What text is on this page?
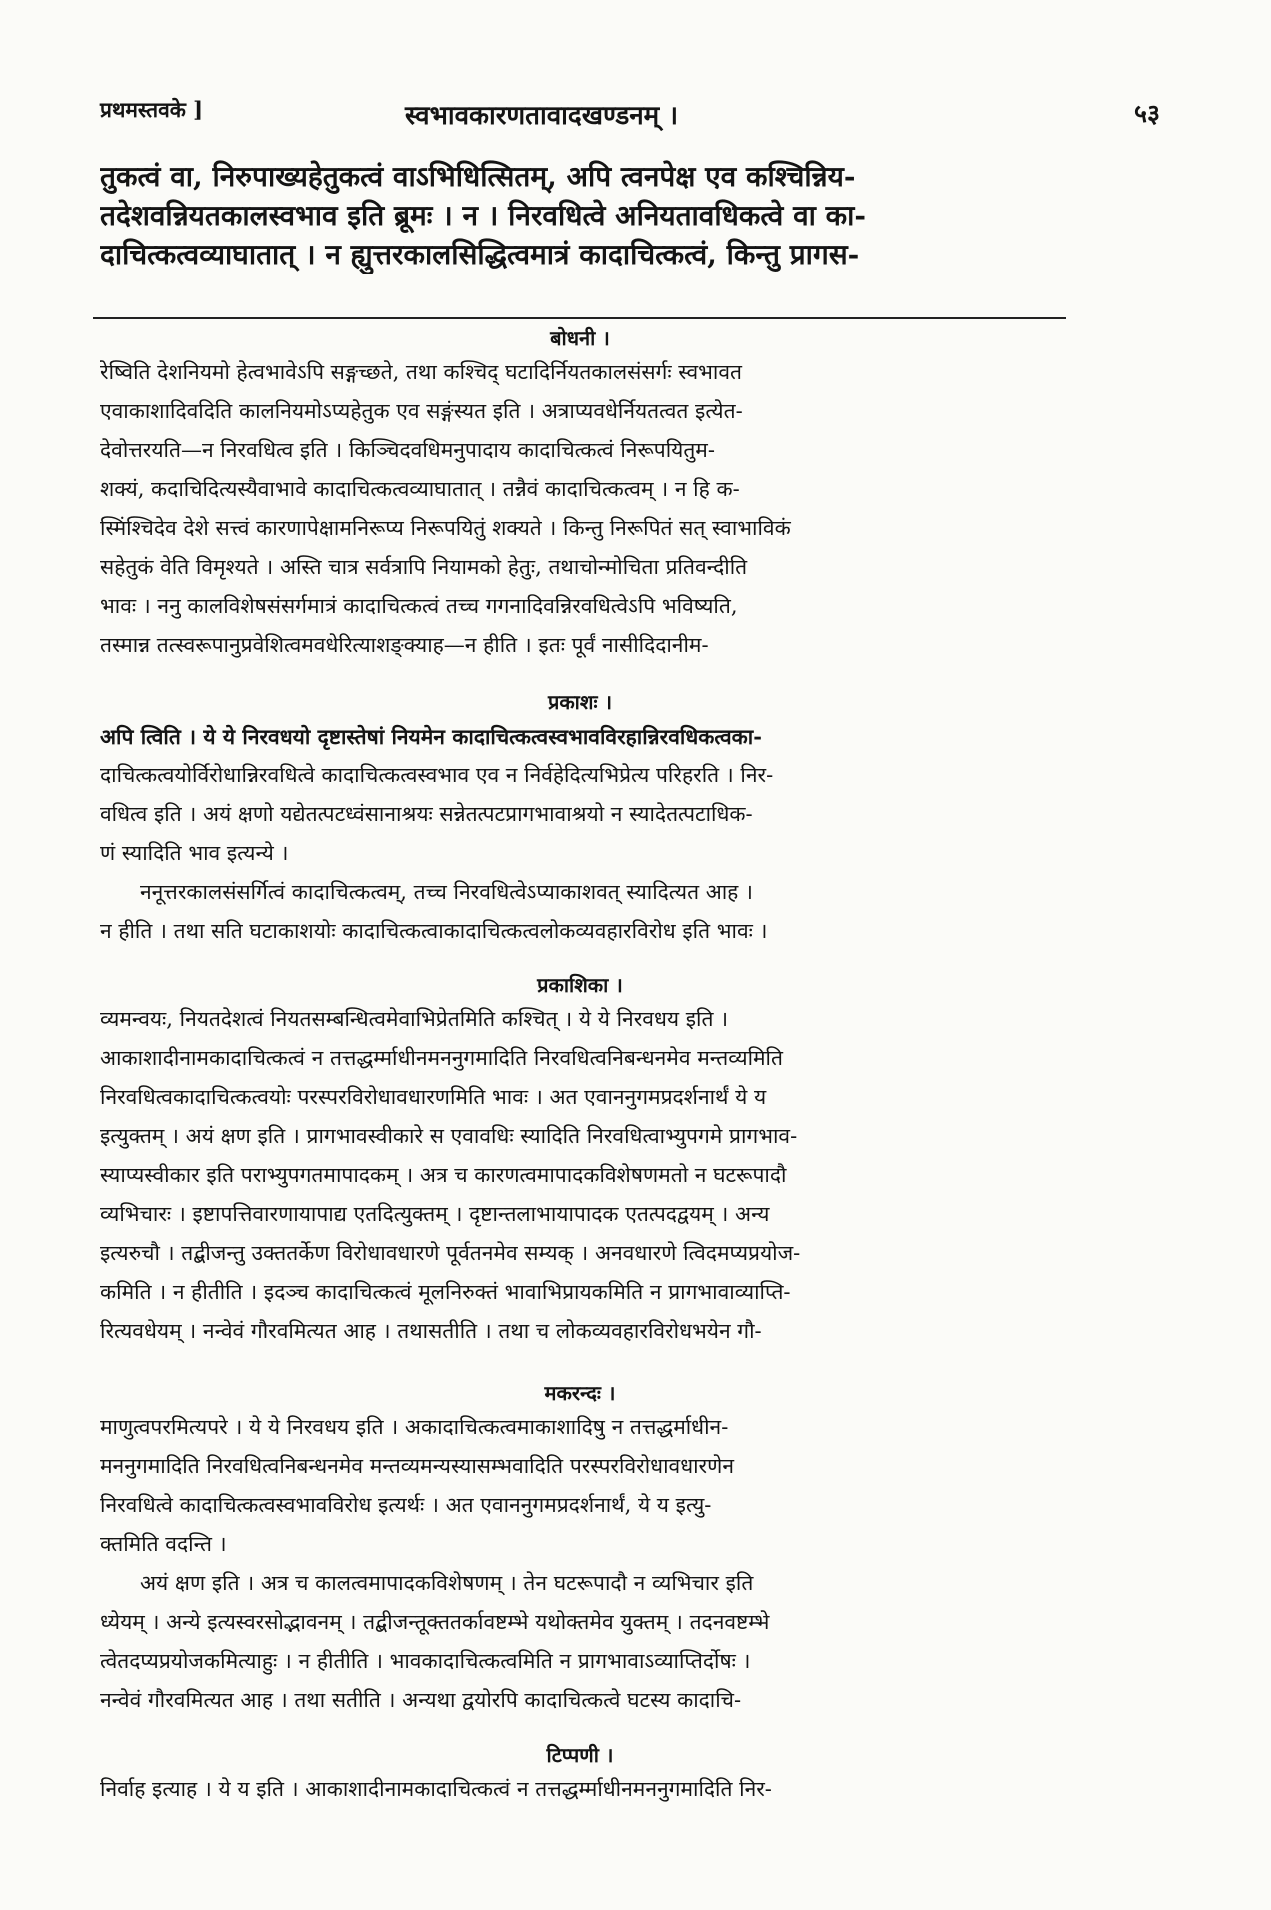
प्रथमस्तवके ]	स्वभावकारणतावादखण्डनम् ।	५३
तुकत्वं वा, निरुपाख्यहेतुकत्वं वाऽभिधित्सितम्, अपि त्वनपेक्ष एव कश्चिन्निय-
तदेशवन्नियतकालस्वभाव इति ब्रूमः । न । निरवधित्वे अनियतावधिकत्वे वा का-
दाचित्कत्वव्याघातात् । न ह्युत्तरकालसिद्धित्वमात्रं कादाचित्कत्वं, किन्तु प्रागस-
बोधनी ।
रेष्विति देशनियमो हेत्वभावेऽपि सङ्गच्छते, तथा कश्चिद् घटादिर्नियतकालसंसर्गः स्वभावत
एवाकाशादिवदिति कालनियमोऽप्यहेतुक एव सङ्गंस्यत इति । अत्राप्यवधेर्नियतत्वत इत्येत-
देवोत्तरयति—न निरवधित्व इति । किञ्चिदवधिमनुपादाय कादाचित्कत्वं निरूपयितुम-
शक्यं, कदाचिदित्यस्यैवाभावे कादाचित्कत्वव्याघातात् । तन्नैवं कादाचित्कत्वम् । न हि क-
स्मिंश्चिदेव देशे सत्त्वं कारणापेक्षामनिरूप्य निरूपयितुं शक्यते । किन्तु निरूपितं सत् स्वाभाविकं
सहेतुकं वेति विमृश्यते । अस्ति चात्र सर्वत्रापि नियामको हेतुः, तथाचोन्मोचिता प्रतिवन्दीति
भावः । ननु कालविशेषसंसर्गमात्रं कादाचित्कत्वं तच्च गगनादिवन्निरवधित्वेऽपि भविष्यति,
तस्मान्न तत्स्वरूपानुप्रवेशित्वमवधेरित्याशङ्क्याह—न हीति । इतः पूर्वं नासीदिदानीम-
प्रकाशः ।
अपि त्विति । ये ये निरवधयो दृष्टास्तेषां नियमेन कादाचित्कत्वस्वभावविरहान्निरवधिकत्वका-
दाचित्कत्वयोर्विरोधान्निरवधित्वे कादाचित्कत्वस्वभाव एव न निर्वहेदित्यभिप्रेत्य परिहरति । निर-
वधित्व इति । अयं क्षणो यद्येतत्पटध्वंसानाश्रयः सन्नेतत्पटप्रागभावाश्रयो न स्यादेतत्पटाधिक-
णं स्यादिति भाव इत्यन्ये ।
ननूत्तरकालसंसर्गित्वं कादाचित्कत्वम्, तच्च निरवधित्वेऽप्याकाशवत् स्यादित्यत आह ।
न हीति । तथा सति घटाकाशयोः कादाचित्कत्वाकादाचित्कत्वलोकव्यवहारविरोध इति भावः ।
प्रकाशिका ।
व्यमन्वयः, नियतदेशत्वं नियतसम्बन्धित्वमेवाभिप्रेतमिति कश्चित् । ये ये निरवधय इति ।
आकाशादीनामकादाचित्कत्वं न तत्तद्धर्म्माधीनमननुगमादिति निरवधित्वनिबन्धनमेव मन्तव्यमिति
निरवधित्वकादाचित्कत्वयोः परस्परविरोधावधारणमिति भावः । अत एवाननुगमप्रदर्शनार्थं ये य
इत्युक्तम् । अयं क्षण इति । प्रागभावस्वीकारे स एवावधिः स्यादिति निरवधित्वाभ्युपगमे प्रागभाव-
स्याप्यस्वीकार इति पराभ्युपगतमापादकम् । अत्र च कारणत्वमापादकविशेषणमतो न घटरूपादौ
व्यभिचारः । इष्टापत्तिवारणायापाद्य एतदित्युक्तम् । दृष्टान्तलाभायापादक एतत्पदद्वयम् । अन्य
इत्यरुचौ । तद्बीजन्तु उक्ततर्केण विरोधावधारणे पूर्वतनमेव सम्यक् । अनवधारणे त्विदमप्यप्रयोज-
कमिति । न हीतीति । इदञ्च कादाचित्कत्वं मूलनिरुक्तं भावाभिप्रायकमिति न प्रागभावाव्याप्ति-
रित्यवधेयम् । नन्वेवं गौरवमित्यत आह । तथासतीति । तथा च लोकव्यवहारविरोधभयेन गौ-
मकरन्दः ।
माणुत्वपरमित्यपरे । ये ये निरवधय इति । अकादाचित्कत्वमाकाशादिषु न तत्तद्धर्माधीन-
मननुगमादिति निरवधित्वनिबन्धनमेव मन्तव्यमन्यस्यासम्भवादिति परस्परविरोधावधारणेन
निरवधित्वे कादाचित्कत्वस्वभावविरोध इत्यर्थः । अत एवाननुगमप्रदर्शनार्थं, ये य इत्यु-
क्तमिति वदन्ति ।
अयं क्षण इति । अत्र च कालत्वमापादकविशेषणम् । तेन घटरूपादौ न व्यभिचार इति
ध्येयम् । अन्ये इत्यस्वरसोद्भावनम् । तद्बीजन्तूक्ततर्कावष्टम्भे यथोक्तमेव युक्तम् । तदनवष्टम्भे
त्वेतदप्यप्रयोजकमित्याहुः । न हीतीति । भावकादाचित्कत्वमिति न प्रागभावाऽव्याप्तिर्दोषः ।
नन्वेवं गौरवमित्यत आह । तथा सतीति । अन्यथा द्वयोरपि कादाचित्कत्वे घटस्य कादाचि-
टिप्पणी ।
निर्वाह इत्याह । ये य इति । आकाशादीनामकादाचित्कत्वं न तत्तद्धर्म्माधीनमननुगमादिति निर-
